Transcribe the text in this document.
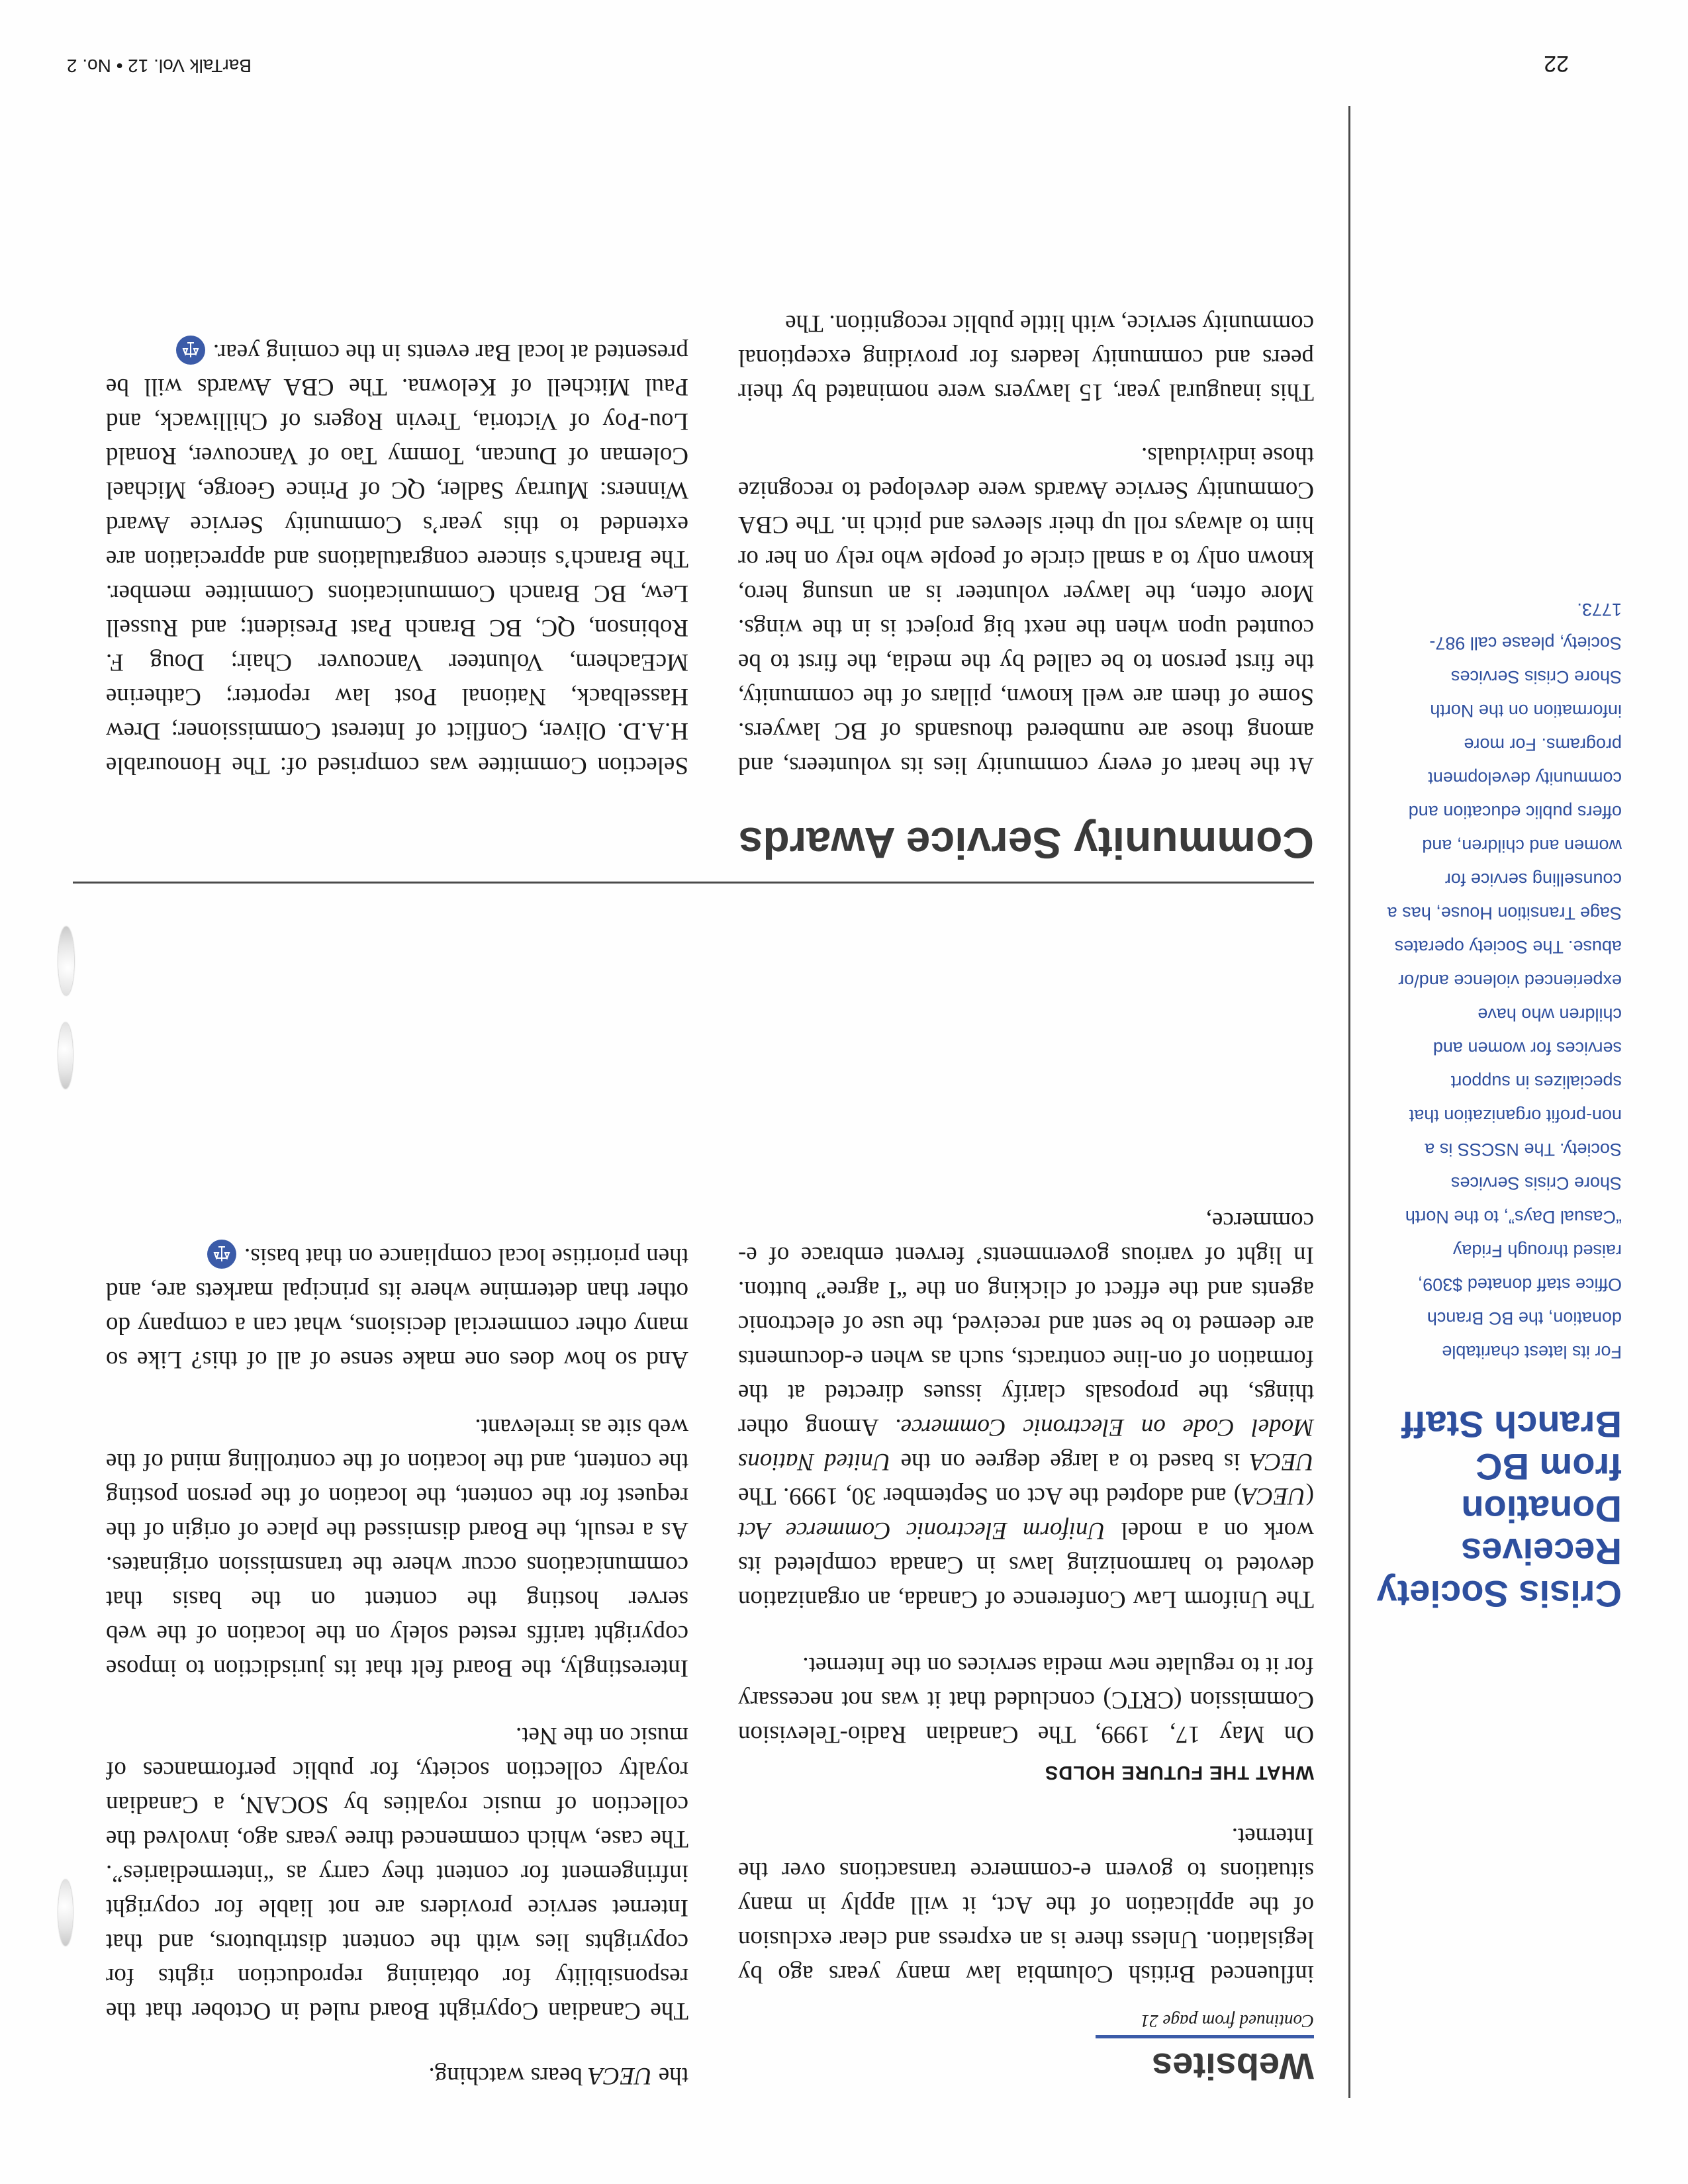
Crisis Society
Receives
Donation
from BC
Branch Staff
For its latest charitable
donation, the BC Branch
Office staff donated $309,
raised through Friday
“Casual Days”, to the North
Shore Crisis Services
Society. The NSCSS is a
non-profit organization that
specializes in support
services for women and
children who have
experienced violence and/or
abuse. The Society operates
Sage Transition House, has a
counselling service for
women and children, and
offers public education and
community development
programs. For more
information on the North
Shore Crisis Services
Society, please call 987-
1773.
Websites
Continued from page 21

influenced British Columbia law many years ago by legislation. Unless there is an express and clear exclusion of the application of the Act, it will apply in many situations to govern e-commerce transactions over the Internet.

WHAT THE FUTURE HOLDS

On May 17, 1999, The Canadian Radio-Television Commission (CRTC) concluded that it was not necessary for it to regulate new media services on the Internet.

The Uniform Law Conference of Canada, an organization devoted to harmonizing laws in Canada completed its work on a model Uniform Electronic Commerce Act (UECA) and adopted the Act on September 30, 1999. The UECA is based to a large degree on the United Nations Model Code on Electronic Commerce. Among other things, the proposals clarify issues directed at the formation of on-line contracts, such as when e-documents are deemed to be sent and received, the use of electronic agents and the effect of clicking on the “I agree” button. In light of various governments’ fervent embrace of e-commerce,

the UECA bears watching.

The Canadian Copyright Board ruled in October that the responsibility for obtaining reproduction rights for copyrights lies with the content distributors, and that Internet service providers are not liable for copyright infringement for content they carry as “intermediaries”. The case, which commenced three years ago, involved the collection of music royalties by SOCAN, a Canadian royalty collection society, for public performances of music on the Net.

Interestingly, the Board felt that its jurisdiction to impose copyright tariffs rested solely on the location of the web server hosting the content on the basis that communications occur where the transmission originates. As a result, the Board dismissed the place of origin of the request for the content, the location of the person posting the content, and the location of the controlling mind of the web site as irrelevant.

And so how does one make sense of all of this? Like so many other commercial decisions, what can a company do other than determine where its principal markets are, and then prioritise local compliance on that basis.

Community Service Awards

At the heart of every community lies its volunteers, and among those are numbered thousands of BC lawyers. Some of them are well known, pillars of the community, the first person to be called by the media, the first to be counted upon when the next big project is in the wings. More often, the lawyer volunteer is an unsung hero, known only to a small circle of people who rely on her or him to always roll up their sleeves and pitch in. The CBA Community Service Awards were developed to recognize those individuals.

This inaugural year, 15 lawyers were nominated by their peers and community leaders for providing exceptional community service, with little public recognition. The

Selection Committee was comprised of: The Honourable H.A.D. Oliver, Conflict of Interest Commissioner; Drew Hasselback, National Post law reporter; Catherine McEachern, Volunteer Vancouver Chair; Doug F. Robinson, QC, BC Branch Past President; and Russell Lew, BC Branch Communications Committee member. The Branch’s sincere congratulations and appreciation are extended to this year’s Community Service Award Winners: Murray Sadler, QC of Prince George, Michael Coleman of Duncan, Tommy Tao of Vancouver, Ronald Lou-Poy of Victoria, Trevin Rogers of Chilliwack, and Paul Mitchell of Kelowna. The CBA Awards will be presented at local Bar events in the coming year.

22
BarTalk Vol. 12 • No. 2
